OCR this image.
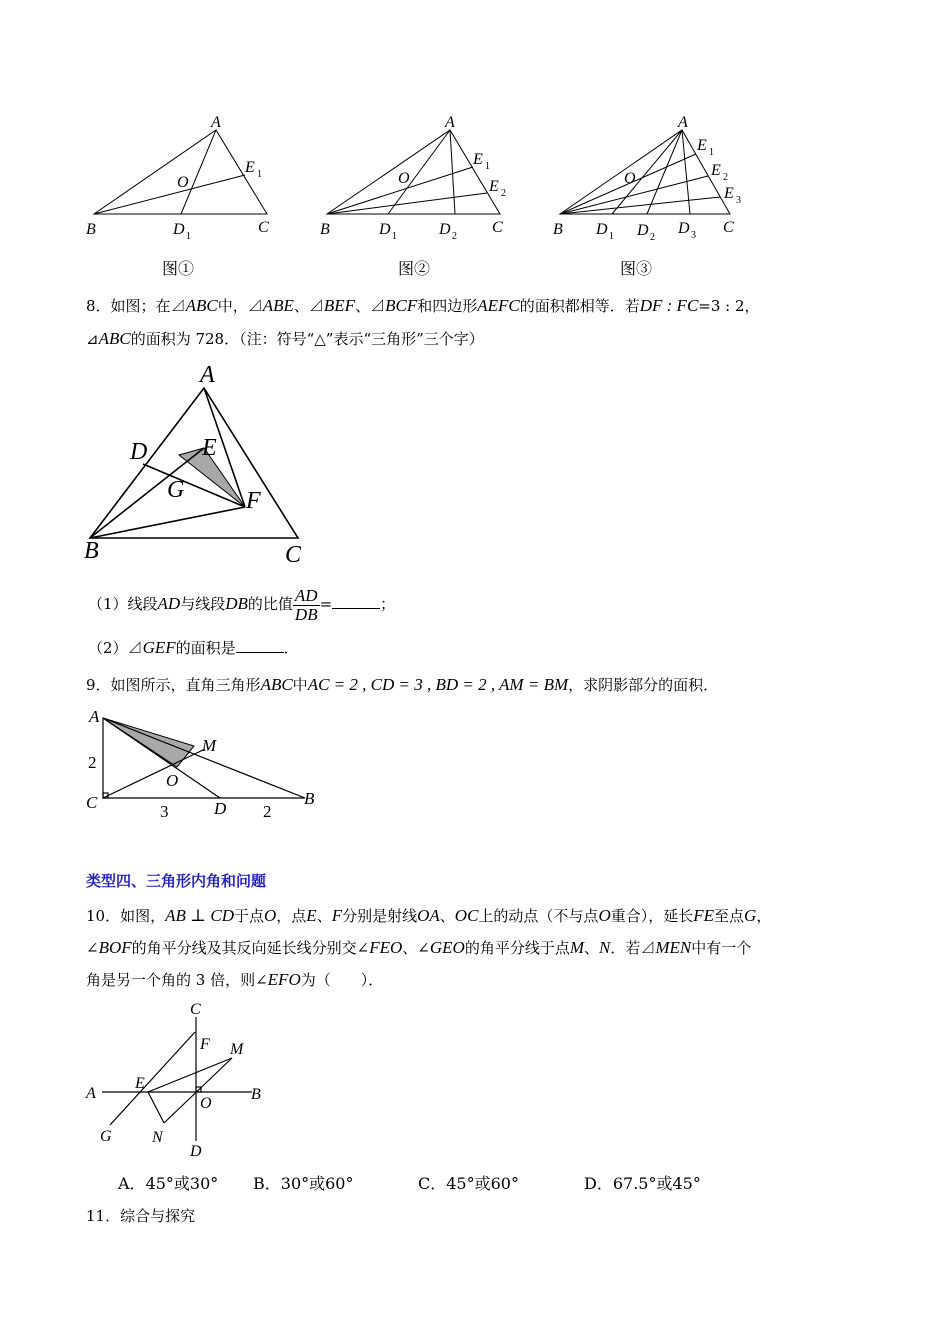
A
B	C
O
E
D
1
1
A
B	C
O
E
E
D	D
1
2
1	2
A
B	C
O
E
E
E
D D D
1
2
3
1	2	3
图①	图②	图③
8．如图；在⊿ABC中，⊿ABE、⊿BEF、⊿BCF和四边形AEFC的面积都相等．若DF : FC=3 : 2，
⊿ABC的面积为 728．（注：符号“△”表示“三角形”三个字）
A
D E
G	F
B	C
（1）线段AD与线段DB的比值 $\frac{AD}{DB}$ =	；
（2）⊿GEF的面积是	．
9．如图所示，直角三角形ABC中AC = 2 , CD = 3 , BD = 2 , AM = BM，求阴影部分的面积．
A
C
M
O
D
B
2
3	2
类型四、三角形内角和问题
10．如图，AB ⊥ CD于点O，点E、F分别是射线OA、OC上的动点（不与点O重合），延长FE至点G，
∠BOF的角平分线及其反向延长线分别交∠FEO、∠GEO的角平分线于点M、N．若⊿MEN中有一个
角是另一个角的 3 倍，则∠EFO为（　　）．
C
F M
A
E
O
B
G	N
D
A．45°或30° B．30°或60°	C．45°或60°	D．67.5°或45°
11．综合与探究
